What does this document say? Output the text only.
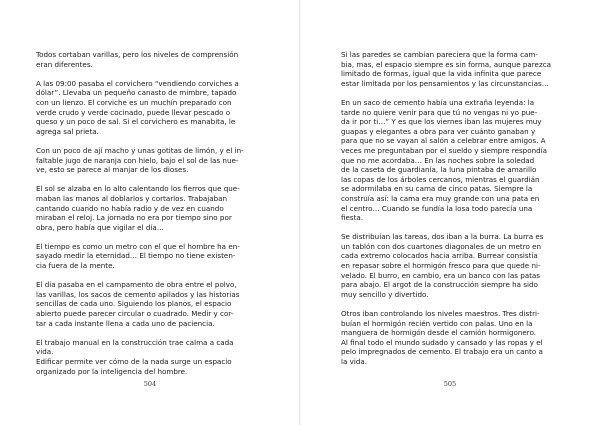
Todos cortaban varillas, pero los niveles de comprensión
eran diferentes.
A las 09:00 pasaba el corvichero “vendiendo corviches a
dólar”. Llevaba un pequeño canasto de mimbre, tapado
con un lienzo. El corviche es un muchín preparado con
verde crudo y verde cocinado, puede llevar pescado o
queso y un poco de sal. Si el corvichero es manabita, le
agrega sal prieta.
Con un poco de ají macho y unas gotitas de limón, y el in-
faltable jugo de naranja con hielo, bajo el sol de las nue-
ve, esto se parece al manjar de los dioses.
El sol se alzaba en lo alto calentando los fierros que que-
maban las manos al doblarlos y cortarlos. Trabajaban
cantando cuando no había radio y de vez en cuando
miraban el reloj. La jornada no era por tiempo sino por
obra, pero había que vigilar el día…
El tiempo es como un metro con el que el hombre ha en-
sayado medir la eternidad… El tiempo no tiene existen-
cia fuera de la mente.
El día pasaba en el campamento de obra entre el polvo,
las varillas, los sacos de cemento apilados y las historias
sencillas de cada uno. Siguiendo los planos, el espacio
abierto puede parecer circular o cuadrado. Medir y cor-
tar a cada instante llena a cada uno de paciencia.
El trabajo manual en la construcción trae calma a cada
vida.
Edificar permite ver cómo de la nada surge un espacio
organizado por la inteligencia del hombre.
504
Si las paredes se cambian pareciera que la forma cam-
bia, mas, el espacio siempre es sin forma, aunque parezca
limitado de formas, igual que la vida infinita que parece
estar limitada por los pensamientos y las circunstancias…
En un saco de cemento había una extraña leyenda: la
tarde no quiere venir para que tú no vengas ni yo pue-
da ir por ti…” Y es que los viernes iban las mujeres muy
guapas y elegantes a obra para ver cuánto ganaban y
para que no se vayan al salón a celebrar entre amigos. A
veces me preguntaban por el sueldo y siempre respondía
que no me acordaba… En las noches sobre la soledad
de la caseta de guardianía, la luna pintaba de amarillo
las copas de los árboles cercanos, mientras el guardián
se adormilaba en su cama de cinco patas. Siempre la
construía así: la cama era muy grande con una pata en
el centro… Cuando se fundía la losa todo parecía una
fiesta.
Se distribuían las tareas, dos iban a la burra. La burra es
un tablón con dos cuartones diagonales de un metro en
cada extremo colocados hacia arriba. Burrear consistía
en repasar sobre el hormigón fresco para que quede ni-
velado. El burro, en cambio, era un banco con las patas
para abajo. El argot de la construcción siempre ha sido
muy sencillo y divertido.
Otros iban controlando los niveles maestros. Tres distri-
buían el hormigón recién vertido con palas. Uno en la
manguera de hormigón desde el camión hormigonero.
Al final todo el mundo sudado y cansado y las ropas y el
pelo impregnados de cemento. El trabajo era un canto a
la vida.
505
